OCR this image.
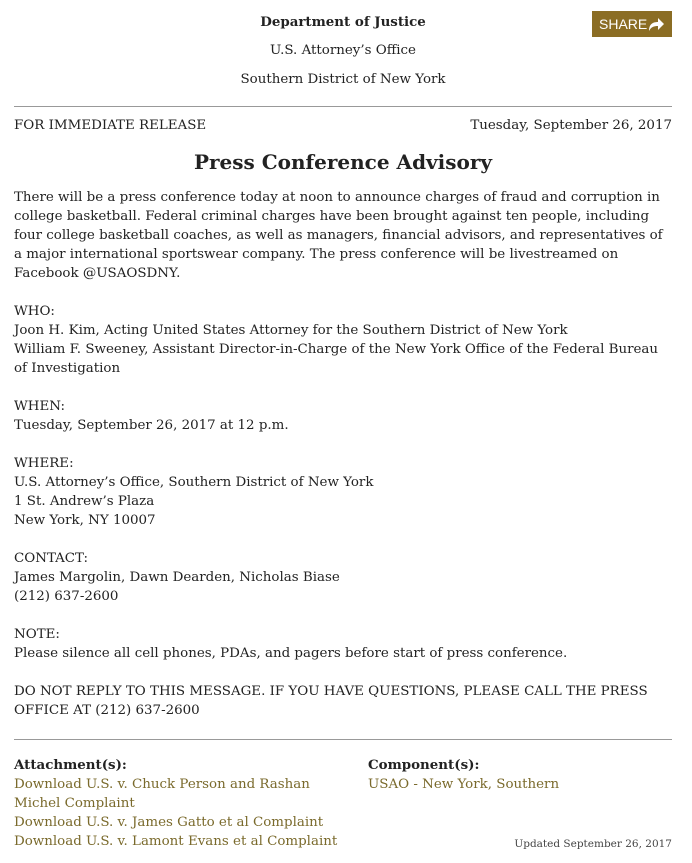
Department of Justice
U.S. Attorney’s Office
Southern District of New York
SHARE
FOR IMMEDIATE RELEASE	Tuesday, September 26, 2017
Press Conference Advisory

There will be a press conference today at noon to announce charges of fraud and corruption in college basketball. Federal criminal charges have been brought against ten people, including four college basketball coaches, as well as managers, financial advisors, and representatives of a major international sportswear company. The press conference will be livestreamed on Facebook @USAOSDNY.

WHO:
Joon H. Kim, Acting United States Attorney for the Southern District of New York
William F. Sweeney, Assistant Director-in-Charge of the New York Office of the Federal Bureau of Investigation
WHEN:
Tuesday, September 26, 2017 at 12 p.m.
WHERE:
U.S. Attorney’s Office, Southern District of New York
1 St. Andrew’s Plaza
New York, NY 10007
CONTACT:
James Margolin, Dawn Dearden, Nicholas Biase
(212) 637-2600
NOTE:
Please silence all cell phones, PDAs, and pagers before start of press conference.

DO NOT REPLY TO THIS MESSAGE. IF YOU HAVE QUESTIONS, PLEASE CALL THE PRESS OFFICE AT (212) 637-2600

Attachment(s):
Download U.S. v. Chuck Person and Rashan Michel Complaint
Download U.S. v. James Gatto et al Complaint
Download U.S. v. Lamont Evans et al Complaint
Component(s):
USAO - New York, Southern
Updated September 26, 2017
